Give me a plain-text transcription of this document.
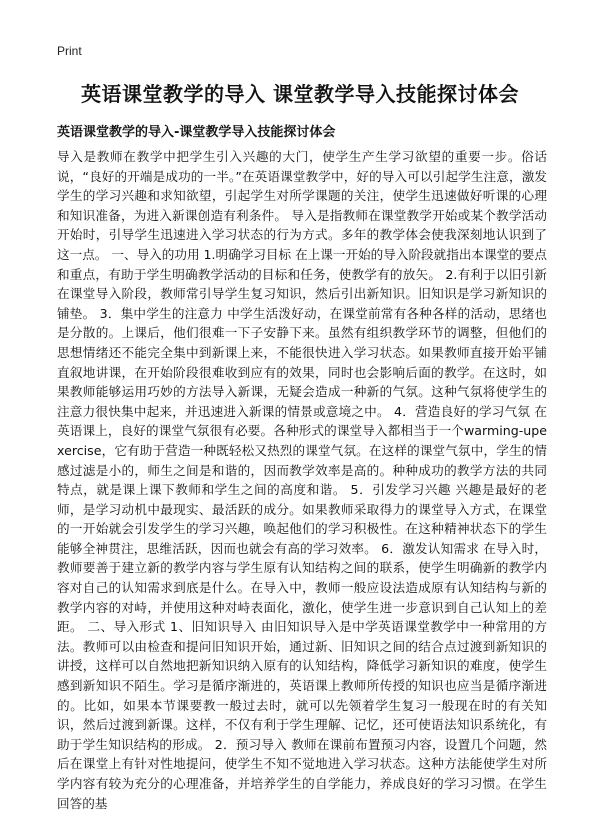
Print
英语课堂教学的导入 课堂教学导入技能探讨体会
英语课堂教学的导入-课堂教学导入技能探讨体会

导入是教师在教学中把学生引入兴趣的大门，使学生产生学习欲望的重要一步。俗话说，“良好的开端是成功的一半。”在英语课堂教学中，好的导入可以引起学生注意，激发学生的学习兴趣和求知欲望，引起学生对所学课题的关注，使学生迅速做好听课的心理和知识准备，为进入新课创造有利条件。 导入是指教师在课堂教学开始或某个教学活动开始时，引导学生迅速进入学习状态的行为方式。多年的教学体会使我深刻地认识到了这一点。 一、导入的功用 1.明确学习目标 在上课一开始的导入阶段就指出本课堂的要点和重点，有助于学生明确教学活动的目标和任务，使教学有的放矢。 2.有利于以旧引新 在课堂导入阶段，教师常引导学生复习知识，然后引出新知识。旧知识是学习新知识的铺垫。 3．集中学生的注意力 中学生活泼好动，在课堂前常有各种各样的活动，思绪也是分散的。上课后，他们很难一下子安静下来。虽然有组织教学环节的调整，但他们的思想情绪还不能完全集中到新课上来，不能很快进入学习状态。如果教师直接开始平铺直叙地讲课，在开始阶段很难收到应有的效果，同时也会影响后面的教学。在这时，如果教师能够运用巧妙的方法导入新课，无疑会造成一种新的气氛。这种气氛将使学生的注意力很快集中起来，并迅速进入新课的情景或意境之中。 4．营造良好的学习气氛 在英语课上，良好的课堂气氛很有必要。各种形式的课堂导入都相当于一个warming-upexercise，它有助于营造一种既轻松又热烈的课堂气氛。在这样的课堂气氛中，学生的情感过滤是小的，师生之间是和谐的，因而教学效率是高的。种种成功的教学方法的共同特点，就是课上课下教师和学生之间的高度和谐。 5．引发学习兴趣 兴趣是最好的老师，是学习动机中最现实、最活跃的成分。如果教师采取得力的课堂导入方式，在课堂的一开始就会引发学生的学习兴趣，唤起他们的学习积极性。在这种精神状态下的学生能够全神贯注，思维活跃，因而也就会有高的学习效率。 6．激发认知需求 在导入时，教师要善于建立新的教学内容与学生原有认知结构之间的联系，使学生明确新的教学内容对自己的认知需求到底是什么。在导入中，教师一般应设法造成原有认知结构与新的教学内容的对峙，并使用这种对峙表面化，激化，使学生进一步意识到自己认知上的差距。 二、导入形式 1、旧知识导入 由旧知识导入是中学英语课堂教学中一种常用的方法。教师可以由检查和提问旧知识开始，通过新、旧知识之间的结合点过渡到新知识的讲授，这样可以自然地把新知识纳入原有的认知结构，降低学习新知识的难度，使学生感到新知识不陌生。学习是循序渐进的，英语课上教师所传授的知识也应当是循序渐进的。比如，如果本节课要教一般过去时，就可以先领着学生复习一般现在时的有关知识，然后过渡到新课。这样，不仅有利于学生理解、记忆，还可使语法知识系统化，有助于学生知识结构的形成。 2．预习导入 教师在课前布置预习内容，设置几个问题，然后在课堂上有针对性地提问，使学生不知不觉地进入学习状态。这种方法能使学生对所学内容有较为充分的心理准备，并培养学生的自学能力，养成良好的学习习惯。在学生回答的基
